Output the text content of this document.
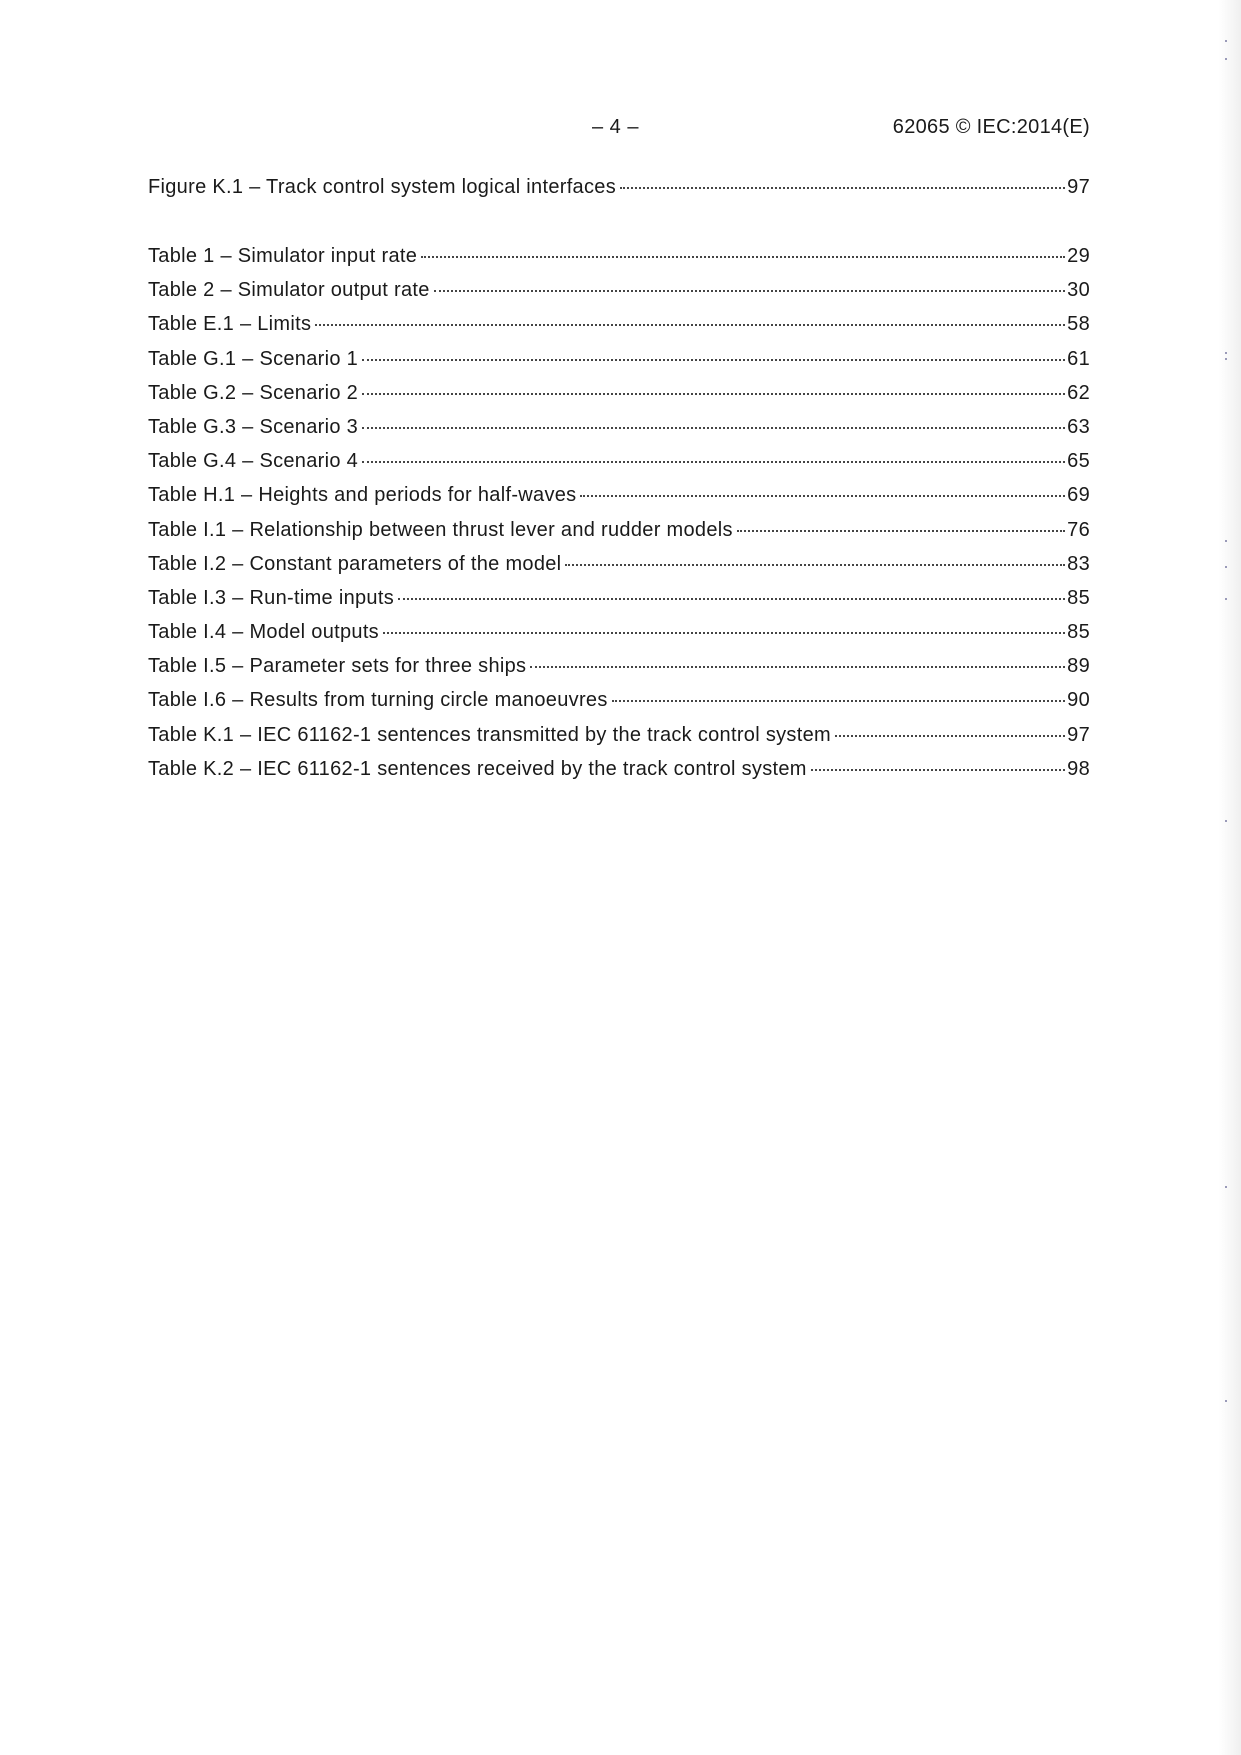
– 4 –	62065 © IEC:2014(E)
Figure K.1 – Track control system logical interfaces	97
Table 1 – Simulator input rate	29
Table 2 – Simulator output rate	30
Table E.1 – Limits	58
Table G.1 – Scenario 1	61
Table G.2 – Scenario 2	62
Table G.3 – Scenario 3	63
Table G.4 – Scenario 4	65
Table H.1 – Heights and periods for half-waves	69
Table I.1 – Relationship between thrust lever and rudder models	76
Table I.2 – Constant parameters of the model	83
Table I.3 – Run-time inputs	85
Table I.4 – Model outputs	85
Table I.5 – Parameter sets for three ships	89
Table I.6 – Results from turning circle manoeuvres	90
Table K.1 – IEC 61162-1 sentences transmitted by the track control system	97
Table K.2 – IEC 61162-1 sentences received by the track control system	98
